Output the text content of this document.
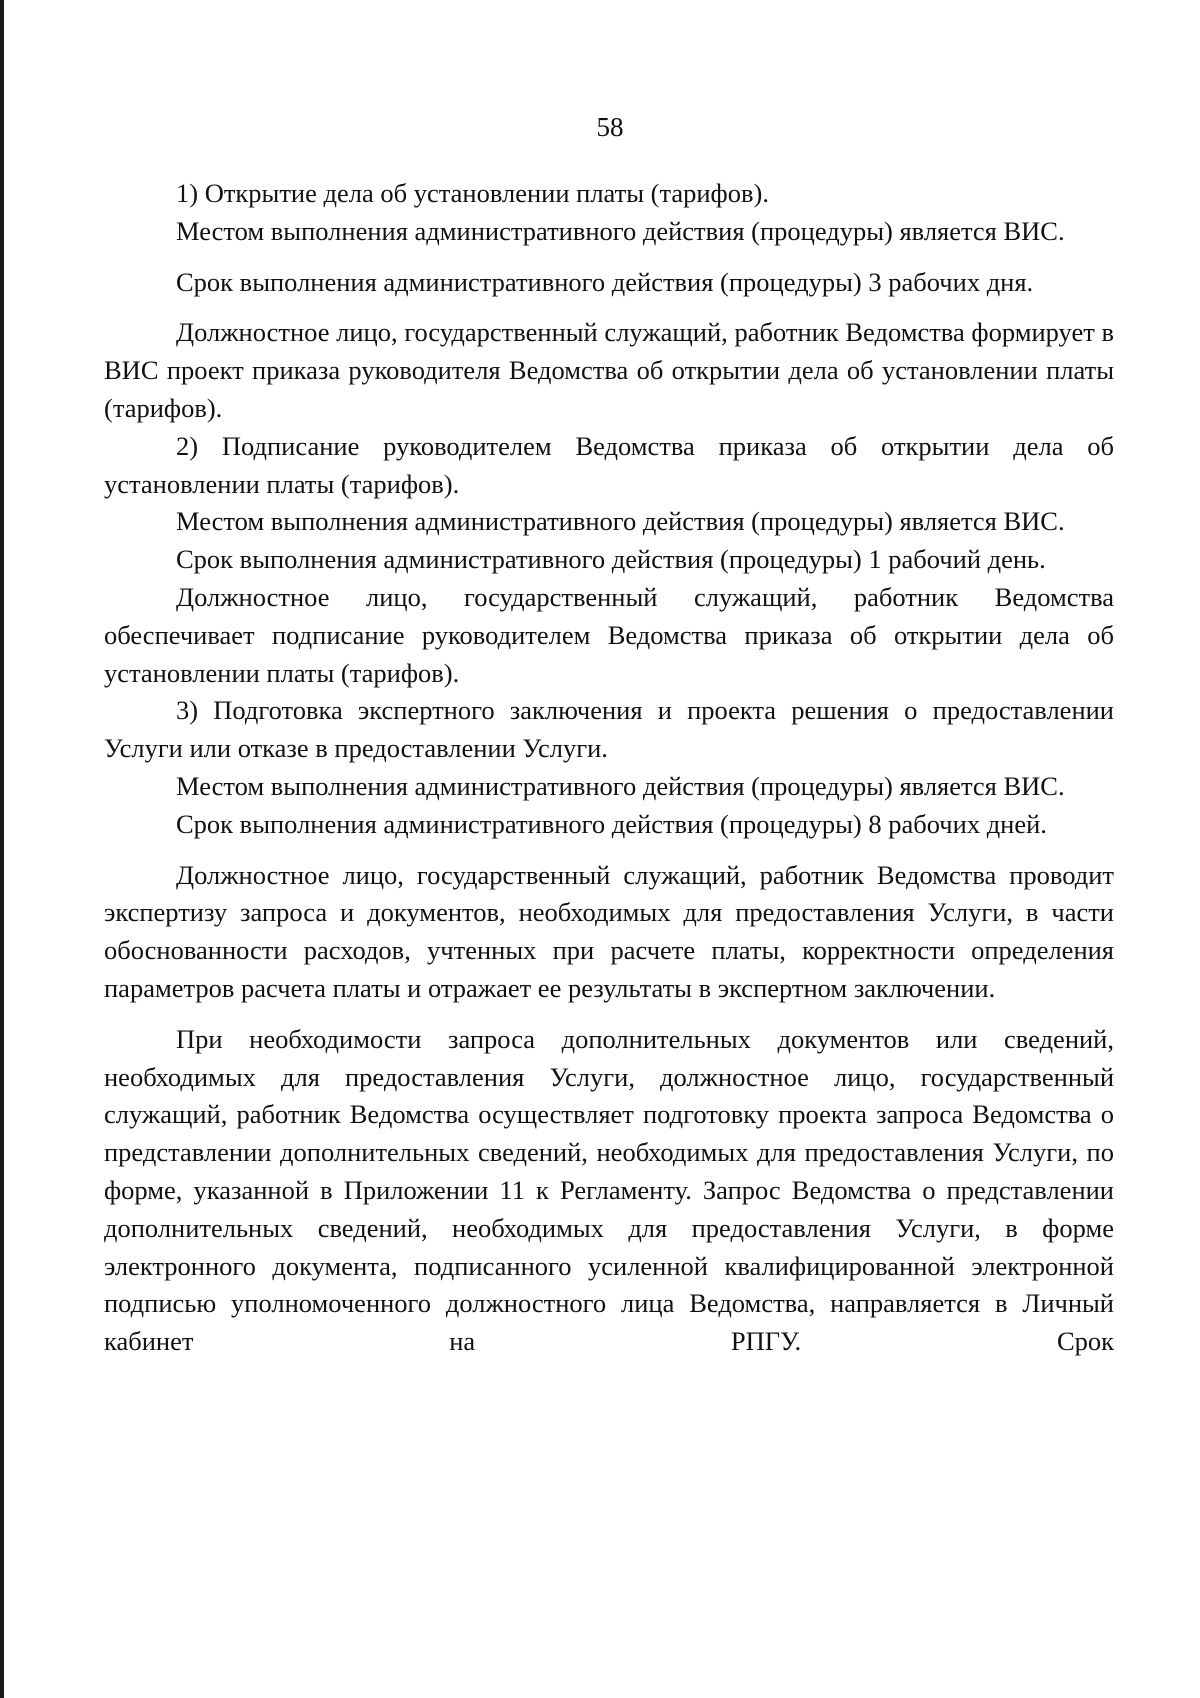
58

1) Открытие дела об установлении платы (тарифов).

Местом выполнения административного действия (процедуры) является ВИС.

Срок выполнения административного действия (процедуры) 3 рабочих дня.

Должностное лицо, государственный служащий, работник Ведомства формирует в ВИС проект приказа руководителя Ведомства об открытии дела об установлении платы (тарифов).

2) Подписание руководителем Ведомства приказа об открытии дела об установлении платы (тарифов).

Местом выполнения административного действия (процедуры) является ВИС.

Срок выполнения административного действия (процедуры) 1 рабочий день.

Должностное лицо, государственный служащий, работник Ведомства обеспечивает подписание руководителем Ведомства приказа об открытии дела об установлении платы (тарифов).

3) Подготовка экспертного заключения и проекта решения о предоставлении Услуги или отказе в предоставлении Услуги.

Местом выполнения административного действия (процедуры) является ВИС.

Срок выполнения административного действия (процедуры) 8 рабочих дней.

Должностное лицо, государственный служащий, работник Ведомства проводит экспертизу запроса и документов, необходимых для предоставления Услуги, в части обоснованности расходов, учтенных при расчете платы, корректности определения параметров расчета платы и отражает ее результаты в экспертном заключении.

При необходимости запроса дополнительных документов или сведений, необходимых для предоставления Услуги, должностное лицо, государственный служащий, работник Ведомства осуществляет подготовку проекта запроса Ведомства о представлении дополнительных сведений, необходимых для предоставления Услуги, по форме, указанной в Приложении 11 к Регламенту. Запрос Ведомства о представлении дополнительных сведений, необходимых для предоставления Услуги, в форме электронного документа, подписанного усиленной квалифицированной электронной подписью уполномоченного должностного лица Ведомства, направляется в Личный кабинет на РПГУ. Срок
